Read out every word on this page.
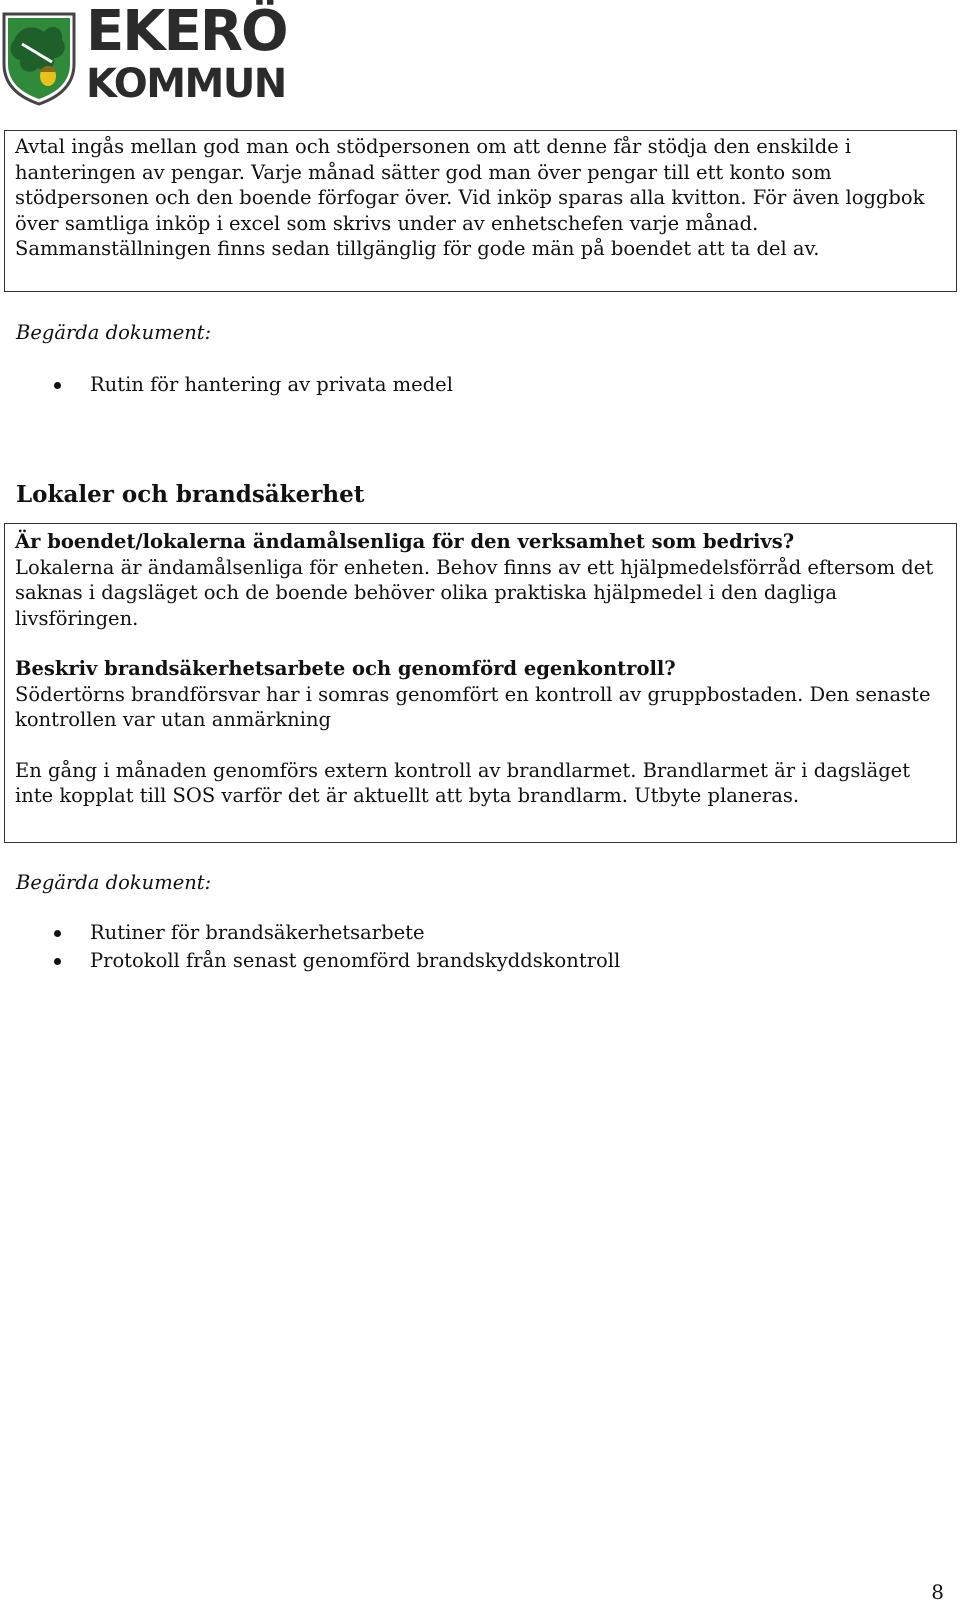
EKERÖ
KOMMUN

Avtal ingås mellan god man och stödpersonen om att denne får stödja den enskilde i hanteringen av pengar. Varje månad sätter god man över pengar till ett konto som stödpersonen och den boende förfogar över. Vid inköp sparas alla kvitton. För även loggbok över samtliga inköp i excel som skrivs under av enhetschefen varje månad. Sammanställningen finns sedan tillgänglig för gode män på boendet att ta del av.

Begärda dokument:
Rutin för hantering av privata medel
Lokaler och brandsäkerhet

Är boendet/lokalerna ändamålsenliga för den verksamhet som bedrivs?

Lokalerna är ändamålsenliga för enheten. Behov finns av ett hjälpmedelsförråd eftersom det saknas i dagsläget och de boende behöver olika praktiska hjälpmedel i den dagliga livsföringen.

Beskriv brandsäkerhetsarbete och genomförd egenkontroll?

Södertörns brandförsvar har i somras genomfört en kontroll av gruppbostaden. Den senaste kontrollen var utan anmärkning

En gång i månaden genomförs extern kontroll av brandlarmet. Brandlarmet är i dagsläget inte kopplat till SOS varför det är aktuellt att byta brandlarm. Utbyte planeras.

Begärda dokument:
Rutiner för brandsäkerhetsarbete
Protokoll från senast genomförd brandskyddskontroll
8
